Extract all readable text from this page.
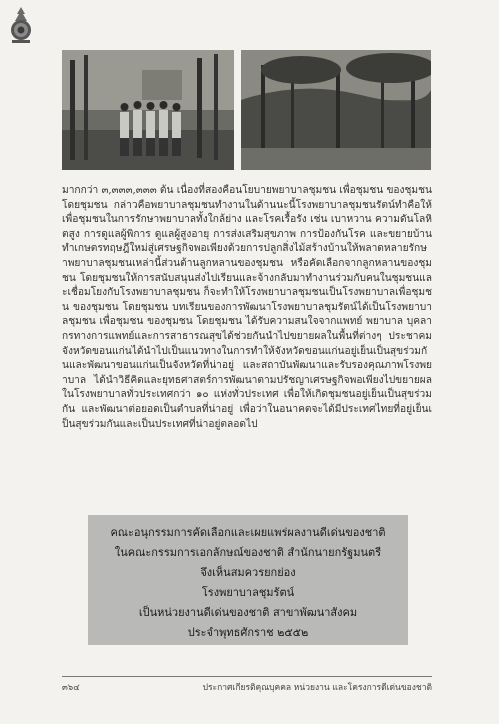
มากกว่า ๓,๓๓๓,๓๓๓ ต้น เนื่องที่สองคือนโยบายพยาบาลชุมชน เพื่อชุมชน ของชุมชน โดยชุมชน กล่าวคือพยาบาลชุมชนทำงานในด้านนะนี้โรงพยาบาลชุมชนรัตน์ทำคือให้เพื่อชุมชนในการรักษาพยาบาลทั้งใกล้ย่าง และโรคเรื้อรัง เช่น เบาหวาน ความดันโลหิตสูง การดูแลผู้พิการ ดูแลผู้สูงอายุ การส่งเสริมสุขภาพ การป้องกันโรค และขยายบ้านทำเกษตรทฤษฎีใหม่สู่เศรษฐกิจพอเพียงด้วยการปลูกสิ่งไม้สร้างบ้านให้พลาดหลายรักษาพยาบาลชุมชนเหล่านี้ส่วนด้านลูกหลานของชุมชน หรือคัดเลือกจากลูกหลานของชุมชน โดยชุมชนให้การสนับสนุนส่งไปเรียนและจ้างกลับมาทำงานร่วมกับคนในชุมชนและเชื่อมโยงกับโรงพยาบาลชุมชน ก็จะทำให้โรงพยาบาลชุมชนเป็นโรงพยาบาลเพื่อชุมชน ของชุมชน โดยชุมชน บทเรียนของการพัฒนาโรงพยาบาลชุมรัตน์ได้เป็นโรงพยาบาลชุมชน เพื่อชุมชน ของชุมชน โดยชุมชน ได้รับความสนใจจากแพทย์ พยาบาล บุคลากรทางการแพทย์และการสาธารณสุขได้ช่วยกันนำไปขยายผลในพื้นที่ต่างๆ ประชาคมจังหวัดขอนแก่นได้นำไปเป็นแนวทางในการทำให้จังหวัดขอนแก่นอยู่เย็นเป็นสุขร่วมกันและพัฒนาขอนแก่นเป็นจังหวัดที่น่าอยู่ และสถาบันพัฒนาและรับรองคุณภาพโรงพยาบาล ได้นำวิธีคิดและยุทธศาสตร์การพัฒนาตามปรัชญาเศรษฐกิจพอเพียงไปขยายผลในโรงพยาบาลทั่วประเทศกว่า ๑๐ แห่งทั่วประเทศ เพื่อให้เกิดชุมชนอยู่เย็นเป็นสุขร่วมกัน และพัฒนาต่อยอดเป็นตำบลที่น่าอยู่ เพื่อว่าในอนาคตจะได้มีประเทศไทยที่อยู่เย็นเป็นสุขร่วมกันและเป็นประเทศที่น่าอยู่ตลอดไป

คณะอนุกรรมการคัดเลือกและเผยแพร่ผลงานดีเด่นของชาติ
ในคณะกรรมการเอกลักษณ์ของชาติ สำนักนายกรัฐมนตรี
จึงเห็นสมควรยกย่อง
โรงพยาบาลชุมรัตน์
เป็นหน่วยงานดีเด่นของชาติ สาขาพัฒนาสังคม
ประจำพุทธศักราช ๒๕๕๒
๓๖๔	ประกาศเกียรติคุณบุคคล หน่วยงาน และโครงการดีเด่นของชาติ
